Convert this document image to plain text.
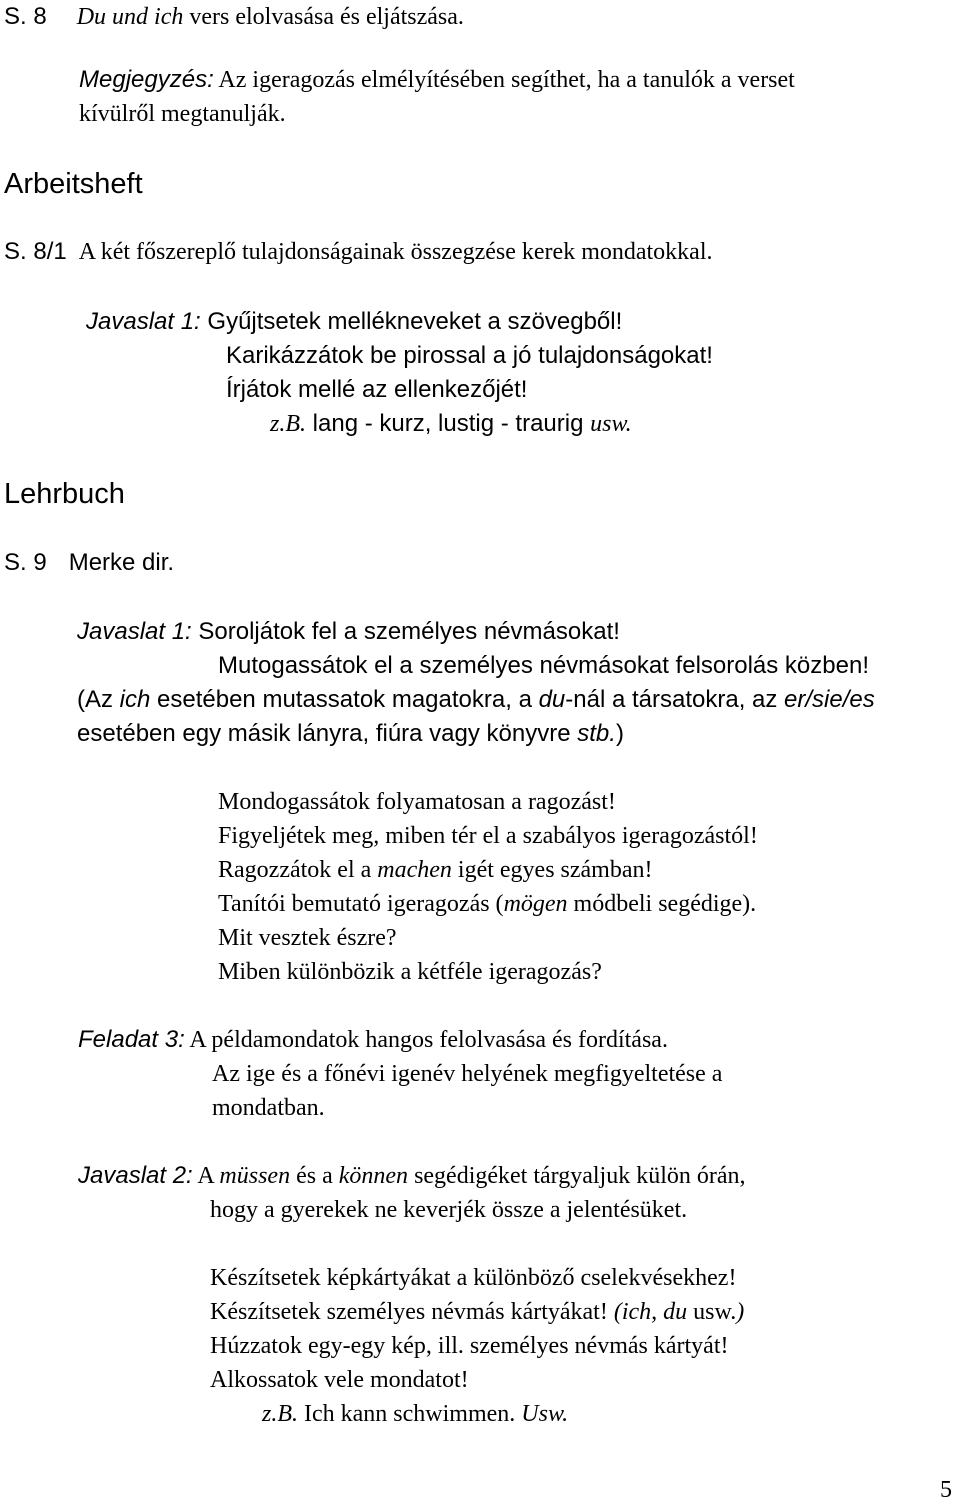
S. 8 Du und ich vers elolvasása és eljátszása.
Megjegyzés: Az igeragozás elmélyítésében segíthet, ha a tanulók a verset
kívülről megtanulják.
Arbeitsheft
S. 8/1 A két főszereplő tulajdonságainak összegzése kerek mondatokkal.
Javaslat 1: Gyűjtsetek mellékneveket a szövegből!
Karikázzátok be pirossal a jó tulajdonságokat!
Írjátok mellé az ellenkezőjét!
z.B. lang - kurz, lustig - traurig usw.
Lehrbuch
S. 9 Merke dir.
Javaslat 1: Soroljátok fel a személyes névmásokat!
Mutogassátok el a személyes névmásokat felsorolás közben!
(Az ich esetében mutassatok magatokra, a du-nál a társatokra, az er/sie/es
esetében egy másik lányra, fiúra vagy könyvre stb.)
Mondogassátok folyamatosan a ragozást!
Figyeljétek meg, miben tér el a szabályos igeragozástól!
Ragozzátok el a machen igét egyes számban!
Tanítói bemutató igeragozás (mögen módbeli segédige).
Mit vesztek észre?
Miben különbözik a kétféle igeragozás?
Feladat 3: A példamondatok hangos felolvasása és fordítása.
Az ige és a főnévi igenév helyének megfigyeltetése a
mondatban.
Javaslat 2: A müssen és a können segédigéket tárgyaljuk külön órán,
hogy a gyerekek ne keverjék össze a jelentésüket.
Készítsetek képkártyákat a különböző cselekvésekhez!
Készítsetek személyes névmás kártyákat! (ich, du usw.)
Húzzatok egy-egy kép, ill. személyes névmás kártyát!
Alkossatok vele mondatot!
z.B. Ich kann schwimmen. Usw.
5
